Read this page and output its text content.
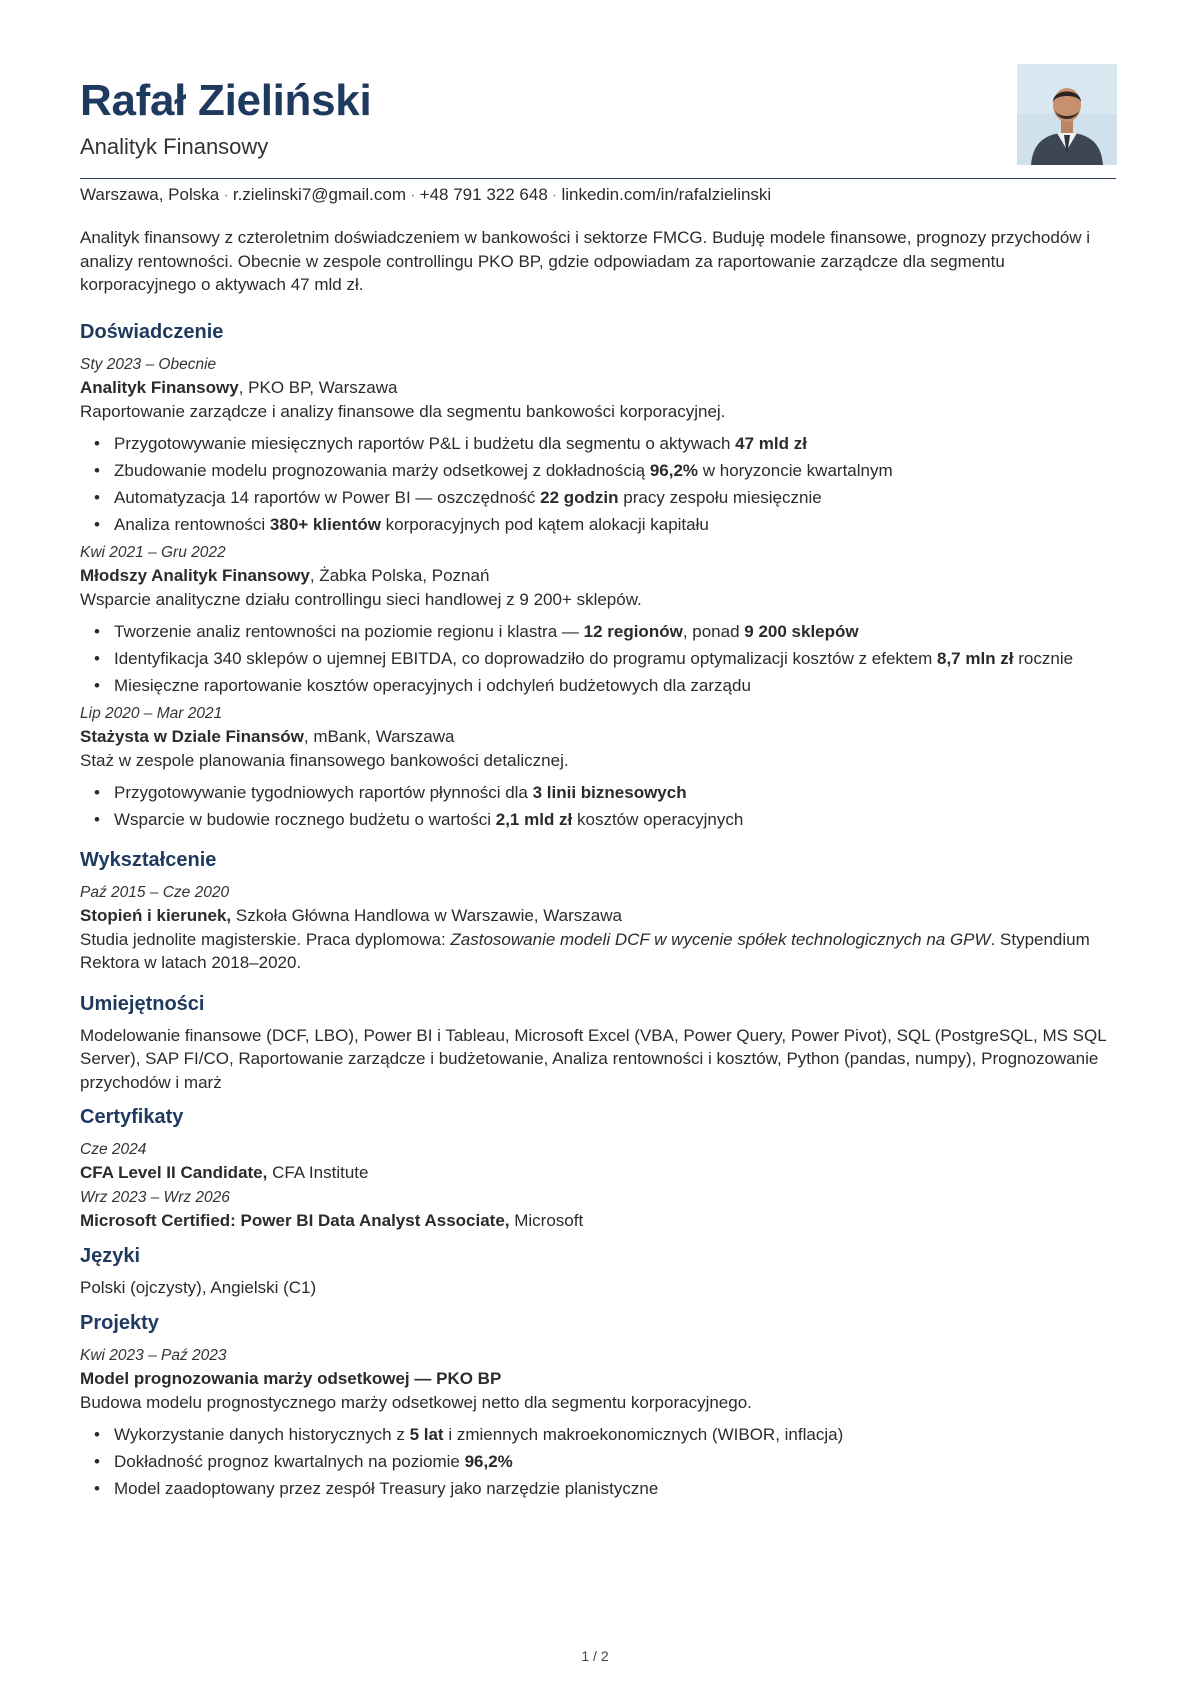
Rafał Zieliński
Analityk Finansowy
Warszawa, Polska · r.zielinski7@gmail.com · +48 791 322 648 · linkedin.com/in/rafalzielinski

Analityk finansowy z czteroletnim doświadczeniem w bankowości i sektorze FMCG. Buduję modele finansowe, prognozy przychodów i analizy rentowności. Obecnie w zespole controllingu PKO BP, gdzie odpowiadam za raportowanie zarządcze dla segmentu korporacyjnego o aktywach 47 mld zł.

Doświadczenie

Sty 2023 – Obecnie

Analityk Finansowy, PKO BP, Warszawa

Raportowanie zarządcze i analizy finansowe dla segmentu bankowości korporacyjnej.

• Przygotowywanie miesięcznych raportów P&L i budżetu dla segmentu o aktywach 47 mld zł
• Zbudowanie modelu prognozowania marży odsetkowej z dokładnością 96,2% w horyzoncie kwartalnym
• Automatyzacja 14 raportów w Power BI — oszczędność 22 godzin pracy zespołu miesięcznie
• Analiza rentowności 380+ klientów korporacyjnych pod kątem alokacji kapitału

Kwi 2021 – Gru 2022

Młodszy Analityk Finansowy, Żabka Polska, Poznań

Wsparcie analityczne działu controllingu sieci handlowej z 9 200+ sklepów.

• Tworzenie analiz rentowności na poziomie regionu i klastra — 12 regionów, ponad 9 200 sklepów
• Identyfikacja 340 sklepów o ujemnej EBITDA, co doprowadziło do programu optymalizacji kosztów z efektem 8,7 mln zł rocznie
• Miesięczne raportowanie kosztów operacyjnych i odchyleń budżetowych dla zarządu

Lip 2020 – Mar 2021

Stażysta w Dziale Finansów, mBank, Warszawa

Staż w zespole planowania finansowego bankowości detalicznej.

• Przygotowywanie tygodniowych raportów płynności dla 3 linii biznesowych
• Wsparcie w budowie rocznego budżetu o wartości 2,1 mld zł kosztów operacyjnych
Wykształcenie

Paź 2015 – Cze 2020

Stopień i kierunek, Szkoła Główna Handlowa w Warszawie, Warszawa

Studia jednolite magisterskie. Praca dyplomowa: Zastosowanie modeli DCF w wycenie spółek technologicznych na GPW. Stypendium Rektora w latach 2018–2020.

Umiejętności

Modelowanie finansowe (DCF, LBO), Power BI i Tableau, Microsoft Excel (VBA, Power Query, Power Pivot), SQL (PostgreSQL, MS SQL Server), SAP FI/CO, Raportowanie zarządcze i budżetowanie, Analiza rentowności i kosztów, Python (pandas, numpy), Prognozowanie przychodów i marż

Certyfikaty

Cze 2024

CFA Level II Candidate, CFA Institute

Wrz 2023 – Wrz 2026

Microsoft Certified: Power BI Data Analyst Associate, Microsoft

Języki

Polski (ojczysty), Angielski (C1)

Projekty

Kwi 2023 – Paź 2023

Model prognozowania marży odsetkowej — PKO BP

Budowa modelu prognostycznego marży odsetkowej netto dla segmentu korporacyjnego.

• Wykorzystanie danych historycznych z 5 lat i zmiennych makroekonomicznych (WIBOR, inflacja)
• Dokładność prognoz kwartalnych na poziomie 96,2%
• Model zaadoptowany przez zespół Treasury jako narzędzie planistyczne
1 / 2
